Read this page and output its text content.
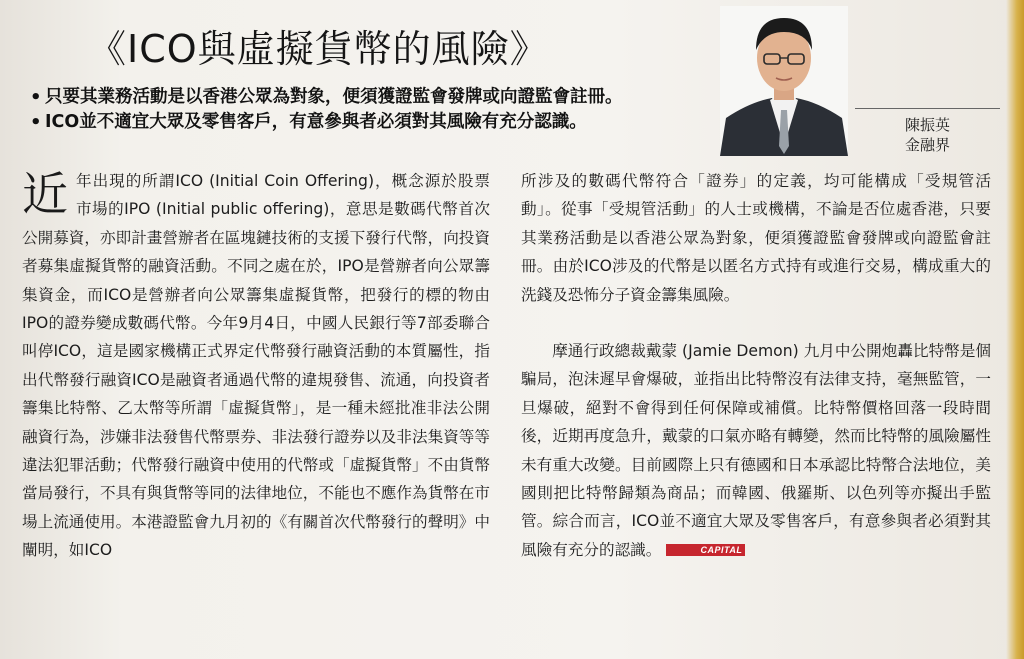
《ICO與虛擬貨幣的風險》
• 只要其業務活動是以香港公眾為對象，便須獲證監會發牌或向證監會註冊。
• ICO並不適宜大眾及零售客戶，有意參與者必須對其風險有充分認識。	陳振英
金融界

近年出現的所謂ICO (Initial Coin Offering)，概念源於股票市場的IPO (Initial public offering)，意思是數碼代幣首次公開募資，亦即計畫營辦者在區塊鏈技術的支援下發行代幣，向投資者募集虛擬貨幣的融資活動。不同之處在於，IPO是營辦者向公眾籌集資金，而ICO是營辦者向公眾籌集虛擬貨幣，把發行的標的物由IPO的證券變成數碼代幣。今年9月4日，中國人民銀行等7部委聯合叫停ICO，這是國家機構正式界定代幣發行融資活動的本質屬性，指出代幣發行融資ICO是融資者通過代幣的違規發售、流通，向投資者籌集比特幣、乙太幣等所謂「虛擬貨幣」，是一種未經批准非法公開融資行為，涉嫌非法發售代幣票券、非法發行證券以及非法集資等等違法犯罪活動；代幣發行融資中使用的代幣或「虛擬貨幣」不由貨幣當局發行，不具有與貨幣等同的法律地位，不能也不應作為貨幣在市場上流通使用。本港證監會九月初的《有關首次代幣發行的聲明》中闡明，如ICO

所涉及的數碼代幣符合「證券」的定義，均可能構成「受規管活動」。從事「受規管活動」的人士或機構，不論是否位處香港，只要其業務活動是以香港公眾為對象，便須獲證監會發牌或向證監會註冊。由於ICO涉及的代幣是以匿名方式持有或進行交易，構成重大的洗錢及恐怖分子資金籌集風險。

摩通行政總裁戴蒙 (Jamie Demon) 九月中公開炮轟比特幣是個騙局，泡沫遲早會爆破，並指出比特幣沒有法律支持，毫無監管，一旦爆破，絕對不會得到任何保障或補償。比特幣價格回落一段時間後，近期再度急升，戴蒙的口氣亦略有轉變，然而比特幣的風險屬性未有重大改變。目前國際上只有德國和日本承認比特幣合法地位，美國則把比特幣歸類為商品；而韓國、俄羅斯、以色列等亦擬出手監管。綜合而言，ICO並不適宜大眾及零售客戶，有意參與者必須對其風險有充分的認識。	CAPITAL
